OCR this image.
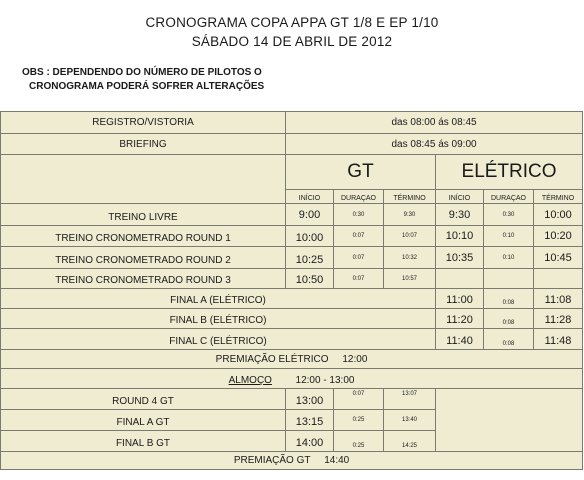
CRONOGRAMA COPA APPA GT 1/8 E EP 1/10
SÁBADO 14 DE ABRIL DE 2012
OBS : DEPENDENDO DO NÚMERO DE PILOTOS O
CRONOGRAMA PODERÁ SOFRER ALTERAÇÕES
REGISTRO/VISTORIA	das 08:00 ás 08:45					
BRIEFING	das 08:45 ás 09:00					
	GT			ELÉTRICO		
	INÍCIO	DURAÇAO	TÉRMINO	INÍCIO	DURAÇAO	TÉRMINO
TREINO LIVRE	9:00	0:30	9:30	9:30	0:30	10:00
TREINO CRONOMETRADO ROUND 1	10:00	0:07	10:07	10:10	0:10	10:20
TREINO CRONOMETRADO ROUND 2	10:25	0:07	10:32	10:35	0:10	10:45
TREINO CRONOMETRADO ROUND 3	10:50	0:07	10:57			
FINAL A (ELÉTRICO)				11:00	0:08	11:08
FINAL B (ELÉTRICO)				11:20	0:08	11:28
FINAL C (ELÉTRICO)				11:40	0:08	11:48
PREMIAÇÃO ELÉTRICO     12:00						
ALMOÇO 12:00 - 13:00						
ROUND 4 GT	13:00	0:07	13:07			
FINAL A GT	13:15	0:25	13:40			
FINAL B GT	14:00	0:25	14:25			
PREMIAÇÃO GT     14:40						
